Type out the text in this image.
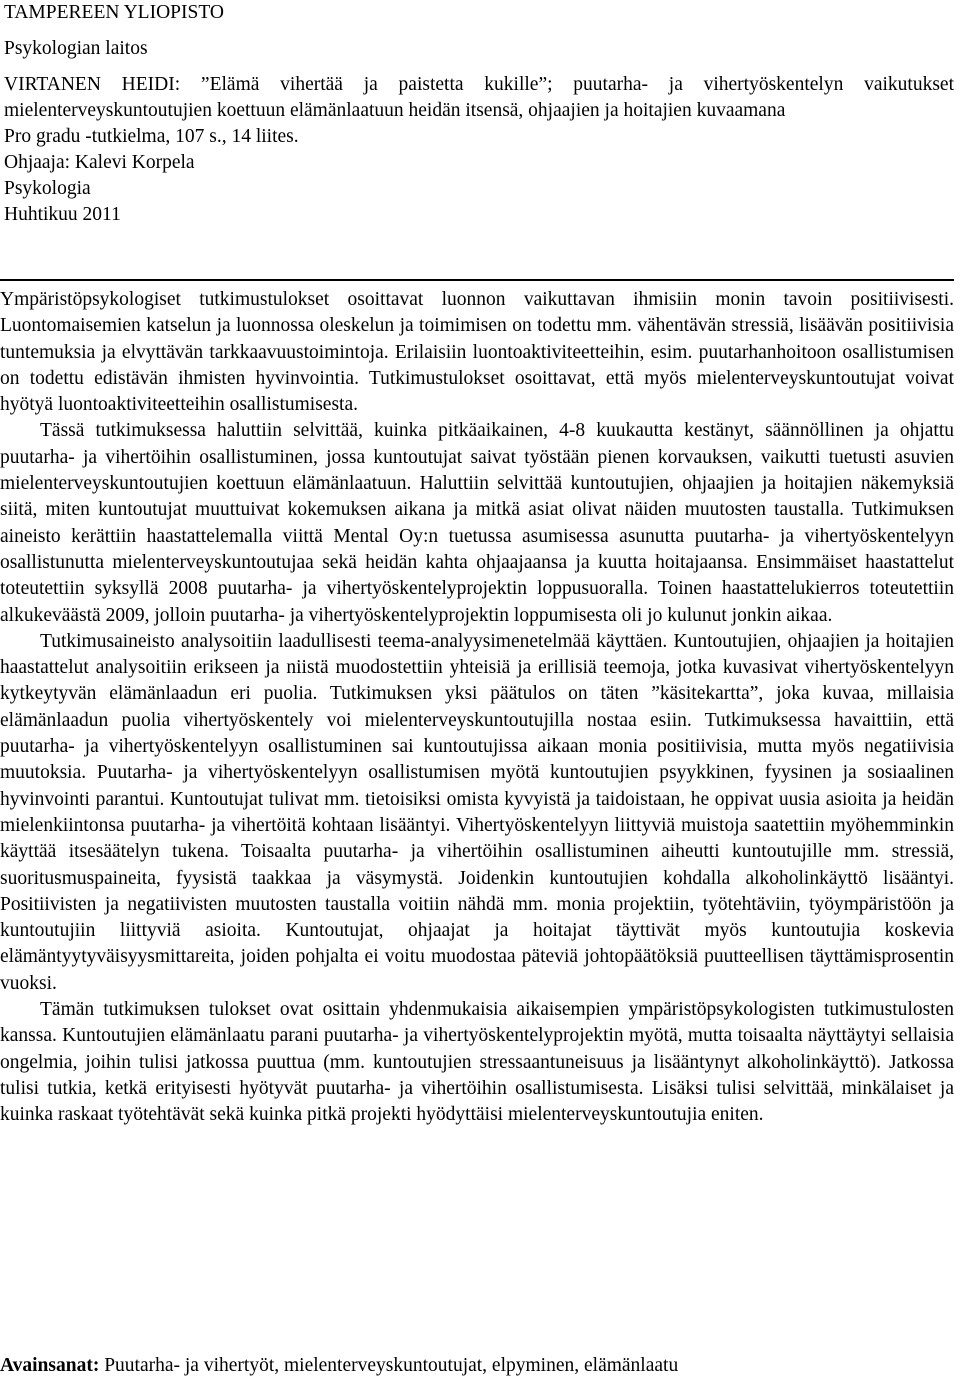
TAMPEREEN YLIOPISTO

Psykologian laitos

VIRTANEN HEIDI: ”Elämä vihertää ja paistetta kukille”; puutarha- ja vihertyöskentelyn vaikutukset mielenterveyskuntoutujien koettuun elämänlaatuun heidän itsensä, ohjaajien ja hoitajien kuvaamana

Pro gradu -tutkielma, 107 s., 14 liites.

Ohjaaja: Kalevi Korpela

Psykologia

Huhtikuu 2011

Ympäristöpsykologiset tutkimustulokset osoittavat luonnon vaikuttavan ihmisiin monin tavoin positiivisesti. Luontomaisemien katselun ja luonnossa oleskelun ja toimimisen on todettu mm. vähentävän stressiä, lisäävän positiivisia tuntemuksia ja elvyttävän tarkkaavuustoimintoja. Erilaisiin luontoaktiviteetteihin, esim. puutarhanhoitoon osallistumisen on todettu edistävän ihmisten hyvinvointia. Tutkimustulokset osoittavat, että myös mielenterveyskuntoutujat voivat hyötyä luontoaktiviteetteihin osallistumisesta.

Tässä tutkimuksessa haluttiin selvittää, kuinka pitkäaikainen, 4-8 kuukautta kestänyt, säännöllinen ja ohjattu puutarha- ja vihertöihin osallistuminen, jossa kuntoutujat saivat työstään pienen korvauksen, vaikutti tuetusti asuvien mielenterveyskuntoutujien koettuun elämänlaatuun. Haluttiin selvittää kuntoutujien, ohjaajien ja hoitajien näkemyksiä siitä, miten kuntoutujat muuttuivat kokemuksen aikana ja mitkä asiat olivat näiden muutosten taustalla. Tutkimuksen aineisto kerättiin haastattelemalla viittä Mental Oy:n tuetussa asumisessa asunutta puutarha- ja vihertyöskentelyyn osallistunutta mielenterveyskuntoutujaa sekä heidän kahta ohjaajaansa ja kuutta hoitajaansa. Ensimmäiset haastattelut toteutettiin syksyllä 2008 puutarha- ja vihertyöskentelyprojektin loppusuoralla. Toinen haastattelukierros toteutettiin alkukeväästä 2009, jolloin puutarha- ja vihertyöskentelyprojektin loppumisesta oli jo kulunut jonkin aikaa.

Tutkimusaineisto analysoitiin laadullisesti teema-analyysimenetelmää käyttäen. Kuntoutujien, ohjaajien ja hoitajien haastattelut analysoitiin erikseen ja niistä muodostettiin yhteisiä ja erillisiä teemoja, jotka kuvasivat vihertyöskentelyyn kytkeytyvän elämänlaadun eri puolia. Tutkimuksen yksi päätulos on täten ”käsitekartta”, joka kuvaa, millaisia elämänlaadun puolia vihertyöskentely voi mielenterveyskuntoutujilla nostaa esiin. Tutkimuksessa havaittiin, että puutarha- ja vihertyöskentelyyn osallistuminen sai kuntoutujissa aikaan monia positiivisia, mutta myös negatiivisia muutoksia. Puutarha- ja vihertyöskentelyyn osallistumisen myötä kuntoutujien psyykkinen, fyysinen ja sosiaalinen hyvinvointi parantui. Kuntoutujat tulivat mm. tietoisiksi omista kyvyistä ja taidoistaan, he oppivat uusia asioita ja heidän mielenkiintonsa puutarha- ja vihertöitä kohtaan lisääntyi. Vihertyöskentelyyn liittyviä muistoja saatettiin myöhemminkin käyttää itsesäätelyn tukena. Toisaalta puutarha- ja vihertöihin osallistuminen aiheutti kuntoutujille mm. stressiä, suoritusmuspaineita, fyysistä taakkaa ja väsymystä. Joidenkin kuntoutujien kohdalla alkoholinkäyttö lisääntyi. Positiivisten ja negatiivisten muutosten taustalla voitiin nähdä mm. monia projektiin, työtehtäviin, työympäristöön ja kuntoutujiin liittyviä asioita. Kuntoutujat, ohjaajat ja hoitajat täyttivät myös kuntoutujia koskevia elämäntyytyväisyysmittareita, joiden pohjalta ei voitu muodostaa päteviä johtopäätöksiä puutteellisen täyttämisprosentin vuoksi.

Tämän tutkimuksen tulokset ovat osittain yhdenmukaisia aikaisempien ympäristöpsykologisten tutkimustulosten kanssa. Kuntoutujien elämänlaatu parani puutarha- ja vihertyöskentelyprojektin myötä, mutta toisaalta näyttäytyi sellaisia ongelmia, joihin tulisi jatkossa puuttua (mm. kuntoutujien stressaantuneisuus ja lisääntynyt alkoholinkäyttö). Jatkossa tulisi tutkia, ketkä erityisesti hyötyvät puutarha- ja vihertöihin osallistumisesta. Lisäksi tulisi selvittää, minkälaiset ja kuinka raskaat työtehtävät sekä kuinka pitkä projekti hyödyttäisi mielenterveyskuntoutujia eniten.

Avainsanat: Puutarha- ja vihertyöt, mielenterveyskuntoutujat, elpyminen, elämänlaatu
